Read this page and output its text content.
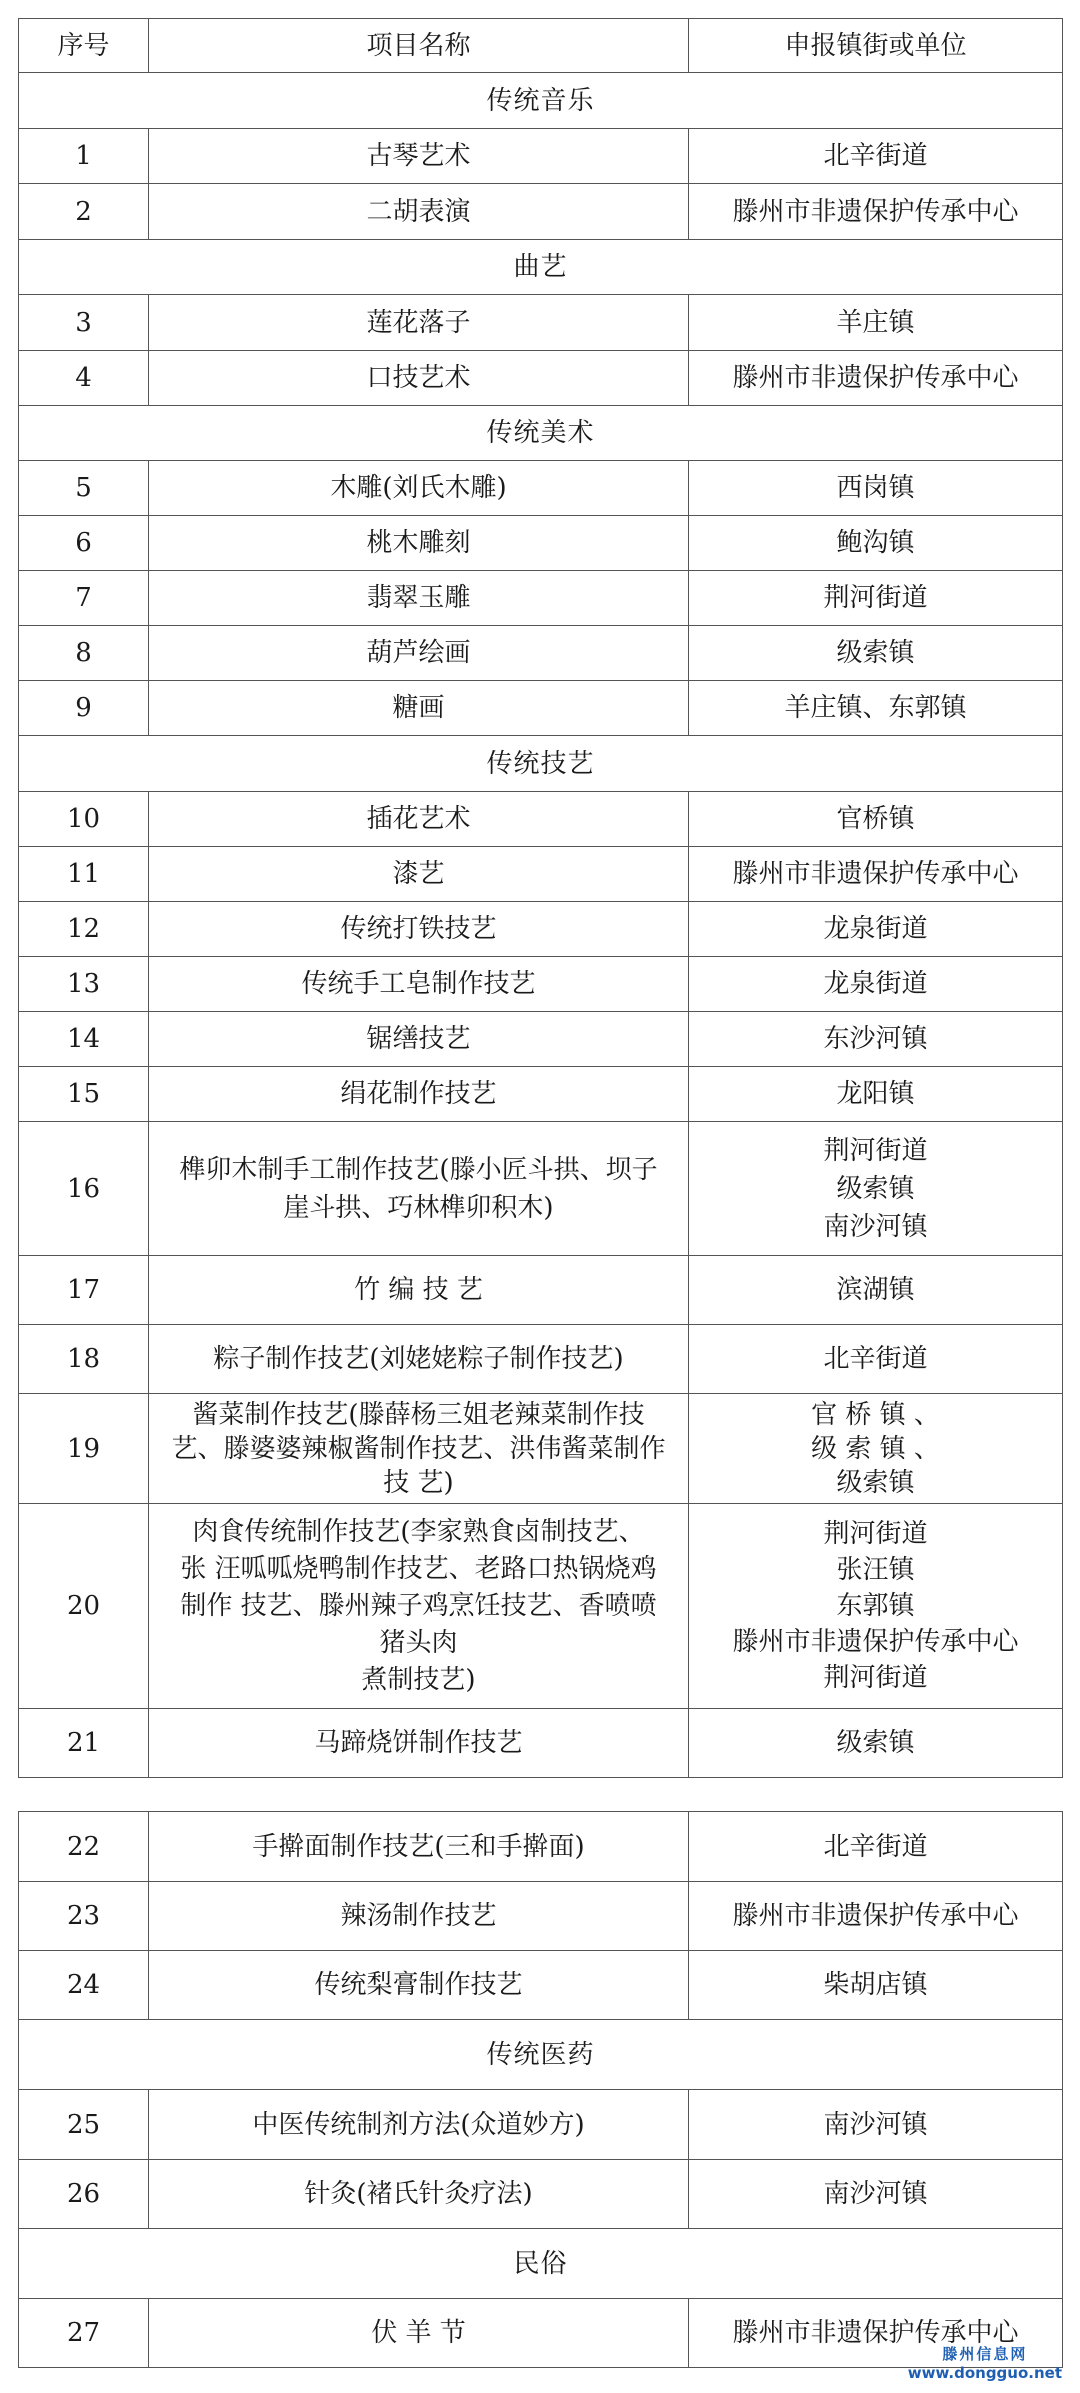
序号	项目名称	申报镇街或单位
传统音乐		
1	古琴艺术	北辛街道
2	二胡表演	滕州市非遗保护传承中心
曲艺		
3	莲花落子	羊庄镇
4	口技艺术	滕州市非遗保护传承中心
传统美术		
5	木雕(刘氏木雕)	西岗镇
6	桃木雕刻	鲍沟镇
7	翡翠玉雕	荆河街道
8	葫芦绘画	级索镇
9	糖画	羊庄镇、东郭镇
传统技艺		
10	插花艺术	官桥镇
11	漆艺	滕州市非遗保护传承中心
12	传统打铁技艺	龙泉街道
13	传统手工皂制作技艺	龙泉街道
14	锯缮技艺	东沙河镇
15	绢花制作技艺	龙阳镇
16	榫卯木制手工制作技艺(滕小匠斗拱、坝子
崖斗拱、巧林榫卯积木)	荆河街道
级索镇
南沙河镇

17	竹 编 技 艺	滨湖镇
18	粽子制作技艺(刘姥姥粽子制作技艺)	北辛街道
19	酱菜制作技艺(滕薛杨三姐老辣菜制作技
艺、滕婆婆辣椒酱制作技艺、洪伟酱菜制作
技 艺)	官 桥 镇 、
级 索 镇 、
级索镇

20	肉食传统制作技艺(李家熟食卤制技艺、
张 汪呱呱烧鸭制作技艺、老路口热锅烧鸡
制作 技艺、滕州辣子鸡烹饪技艺、香喷喷
猪头肉
煮制技艺)	荆河街道
张汪镇
东郭镇
滕州市非遗保护传承中心
荆河街道

21	马蹄烧饼制作技艺	级索镇
22	手擀面制作技艺(三和手擀面)	北辛街道
23	辣汤制作技艺	滕州市非遗保护传承中心
24	传统梨膏制作技艺	柴胡店镇
传统医药		
25	中医传统制剂方法(众道妙方)	南沙河镇
26	针灸(褚氏针灸疗法)	南沙河镇
民俗		
27	伏 羊 节	滕州市非遗保护传承中心
滕州信息网
www.dongguo.net
